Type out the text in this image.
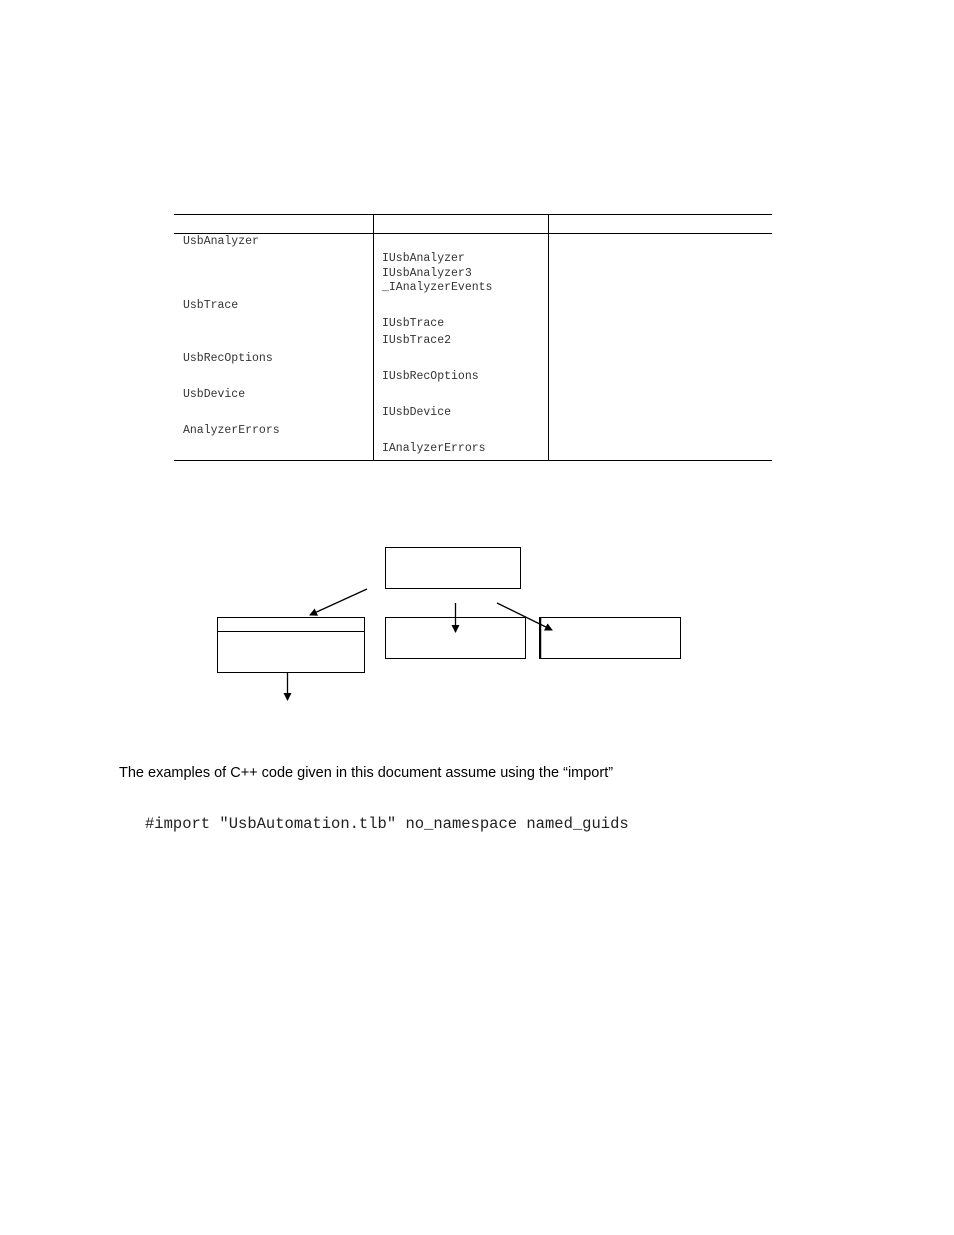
UsbAnalyzer
UsbTrace
UsbRecOptions
UsbDevice
AnalyzerErrors
IUsbAnalyzer
IUsbAnalyzer3
_IAnalyzerEvents
IUsbTrace
IUsbTrace2
IUsbRecOptions
IUsbDevice
IAnalyzerErrors
The examples of C++ code given in this document assume using the “import”
#import "UsbAutomation.tlb" no_namespace named_guids
